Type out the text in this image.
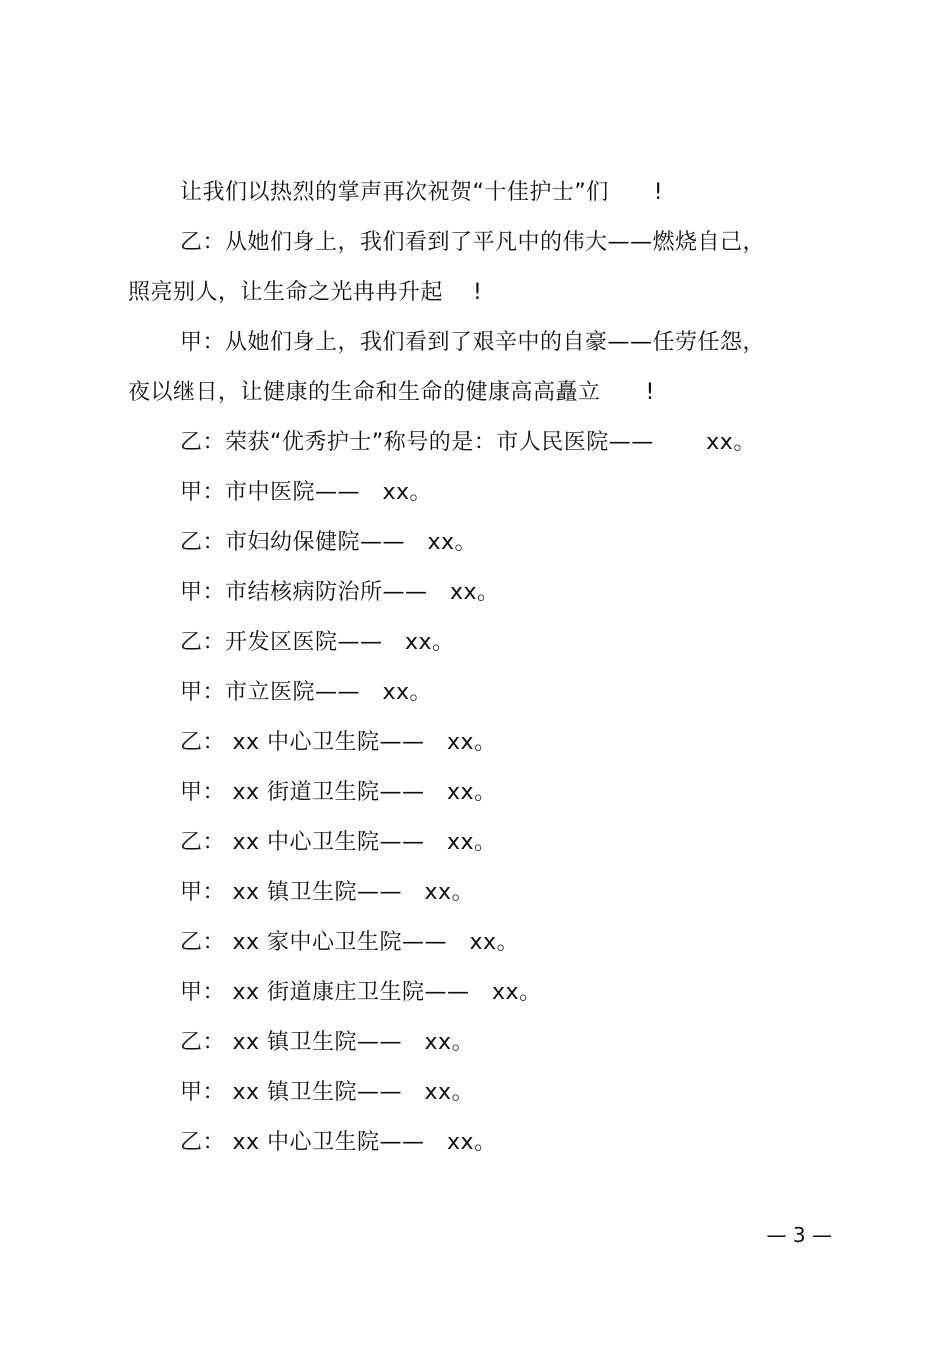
让我们以热烈的掌声再次祝贺“十佳护士”们　　!
乙：从她们身上，我们看到了平凡中的伟大——燃烧自己，
照亮别人，让生命之光冉冉升起　 !
甲：从她们身上，我们看到了艰辛中的自豪——任劳任怨，
夜以继日，让健康的生命和生命的健康高高矗立　　!
乙：荣获“优秀护士”称号的是：市人民医院——　　 xx。
甲：市中医院——　xx。
乙：市妇幼保健院——　xx。
甲：市结核病防治所——　xx。
乙：开发区医院——　xx。
甲：市立医院——　xx。
乙： xx 中心卫生院——　xx。
甲： xx 街道卫生院——　xx。
乙： xx 中心卫生院——　xx。
甲： xx 镇卫生院——　xx。
乙： xx 家中心卫生院——　xx。
甲： xx 街道康庄卫生院——　xx。
乙： xx 镇卫生院——　xx。
甲： xx 镇卫生院——　xx。
乙： xx 中心卫生院——　xx。
— 3 —
